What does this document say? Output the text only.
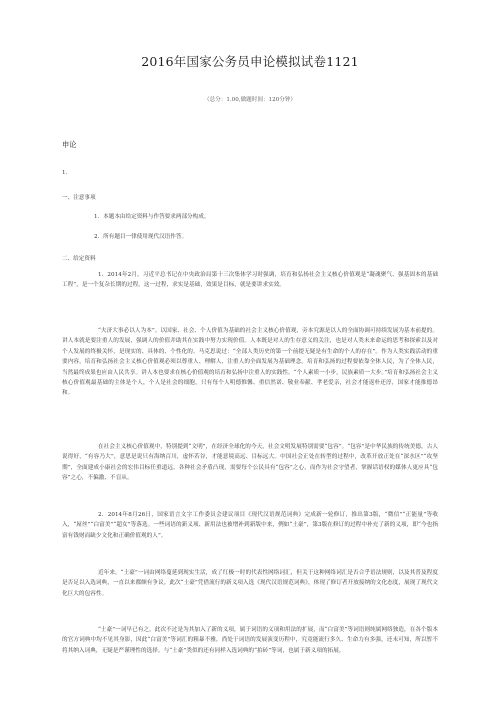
2016年国家公务员申论模拟试卷1121
（总分：1.00,做题时间：120分钟）
申论
1.
一、注意事项
1．本题本由给定资料与作答要求两部分构成。
2．所有题目一律使用现代汉语作答。
二、给定资料
1．2014年2月，习近平总书记在中央政治局第十三次集体学习时强调，培育和弘扬社会主义核心价值观是“凝魂聚气、强基固本的基础工程”，是一个复杂长期的过程。这一过程，求实是基础，效果是目标，就是要讲求实效。
“夫济大事必以人为本”。以国家、社会、个人价值为基础的社会主义核心价值观，旁本究源是以人的全面协调可持续发展为基本前提的。讲人本就是要注重人的发展，强调人的价值并助其在实践中努力实现价值。人本既是对人的生存意义的关注，也是对人类未来命运的思考和探索以及对个人发展的终极关怀，是现实的、具体的、个性化的。马克思说过：“全部人类历史的第一个前提无疑是有生命的个人的存在”。作为人类实践活动的重要内容，培育和弘扬社会主义核心价值观必须以尊重人、理解人、注重人的全面发展为基础理念。培育和弘扬的过程要依靠全体人民，为了全体人民，当然最终成果也应由人民共享。讲人本也要求在核心价值观的培育和弘扬中注重人的实践性。“个人素质一小步，民族素质一大步。”培育和弘扬社会主义核心价值观最基础的主体是个人，个人是社会的细胞，只有每个人明德惟馨、重信然诺、敬业奉献、孝老爱亲，社会才能返朴还淳，国家才能推德昂和。
在社会主义核心价值观中，特别提到“文明”，在经济全球化的今天，社会文明发展特别需要“包容”。“包容”是中华民族的传统美德，古人说得好，“有容乃大”，意思是说只有海纳百川，虚怀若谷，才能意境高远、目标远大。中国社会正处在转型的过程中，改革开放正处在“深水区”“攻坚期”，全面建成小康社会的宏伟目标任重道远，各种社会矛盾凸现，需要每个公民具有“包容”之心，而作为社会守望者，掌握话语权的媒体人更应具“包容”之心，不偏激、不盲从。
2．2014年8月26日，国家语言文字工作委员会建议项目《现代汉语规范词典》完成新一轮修订，推出第3版，“微信”“正能量”等收入，“屌丝”“白富美”“超女”等落选。一些词语的新义项、新用法也被增补到新版中来，例如“土豪”，第3版在修订的过程中补充了新的义项，即“今也指富有钱财而缺少文化和正确价值观的人”。
近年来，“土豪”一词由网络蔓延到现实生活，成了红极一时的代表性网络词汇，但关于这种网络词汇是否合乎语法规则，以及其普及程度是否足以入选词典，一直以来都颇有争议。此次“土豪”凭借流行的新义项入选《现代汉语规范词典》，体现了修订者开放接纳的文化态度，展现了现代文化巨大的包容性。
“土豪”一词早已有之，此次不过是为其加入了新的义项，属于词语的义项和用法的扩展，而“白富美”等词语则纯属网络独造，在各个版本的官方词典中均不见其身影，因此“白富美”等词汇的粗暴不雅，尚处于词语的发展演变历程中，究竟能流行多久、生命力有多强，还未可知，所以暂不将其纳入词典，无疑是严谨理性的选择。与“土豪”类似的还有同样入选词典的“拍砖”等词，也属于新义项的拓展。
